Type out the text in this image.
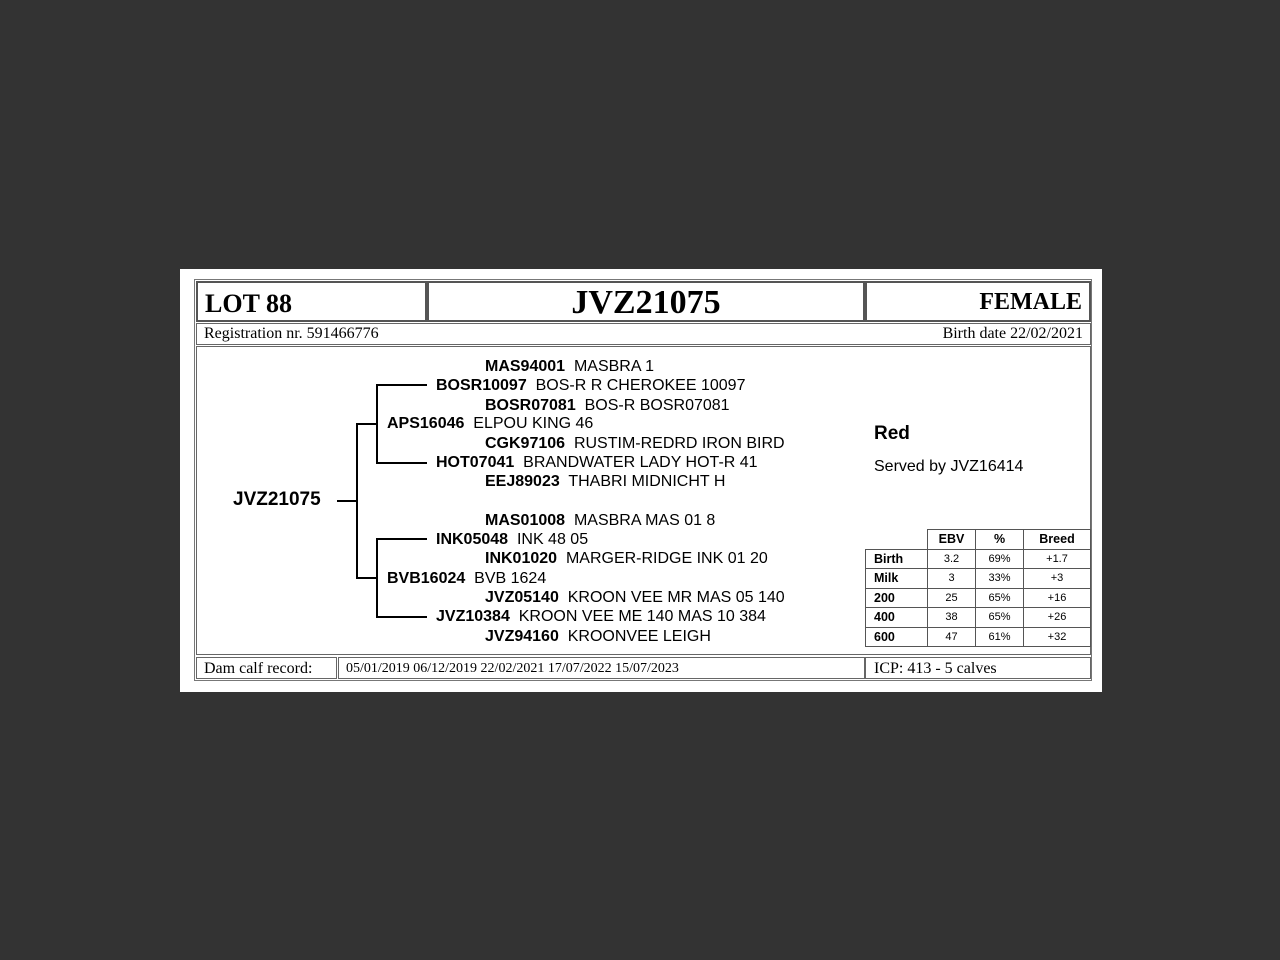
LOT 88	JVZ21075	FEMALE
Registration nr. 591466776	Birth date 22/02/2021
JVZ21075
MAS94001 MASBRA 1
BOSR10097 BOS-R R CHEROKEE 10097
BOSR07081 BOS-R BOSR07081
APS16046 ELPOU KING 46
CGK97106 RUSTIM-REDRD IRON BIRD
HOT07041 BRANDWATER LADY HOT-R 41
EEJ89023 THABRI MIDNICHT H
MAS01008 MASBRA MAS 01 8
INK05048 INK 48 05
INK01020 MARGER-RIDGE INK 01 20
BVB16024 BVB 1624
JVZ05140 KROON VEE MR MAS 05 140
JVZ10384 KROON VEE ME 140 MAS 10 384
JVZ94160 KROONVEE LEIGH
Red
Served by JVZ16414
	EBV	%	Breed
Birth	3.2	69%	+1.7
Milk	3	33%	+3
200	25	65%	+16
400	38	65%	+26
600	47	61%	+32
Dam calf record: 05/01/2019 06/12/2019 22/02/2021 17/07/2022 15/07/2023	ICP: 413 - 5 calves
